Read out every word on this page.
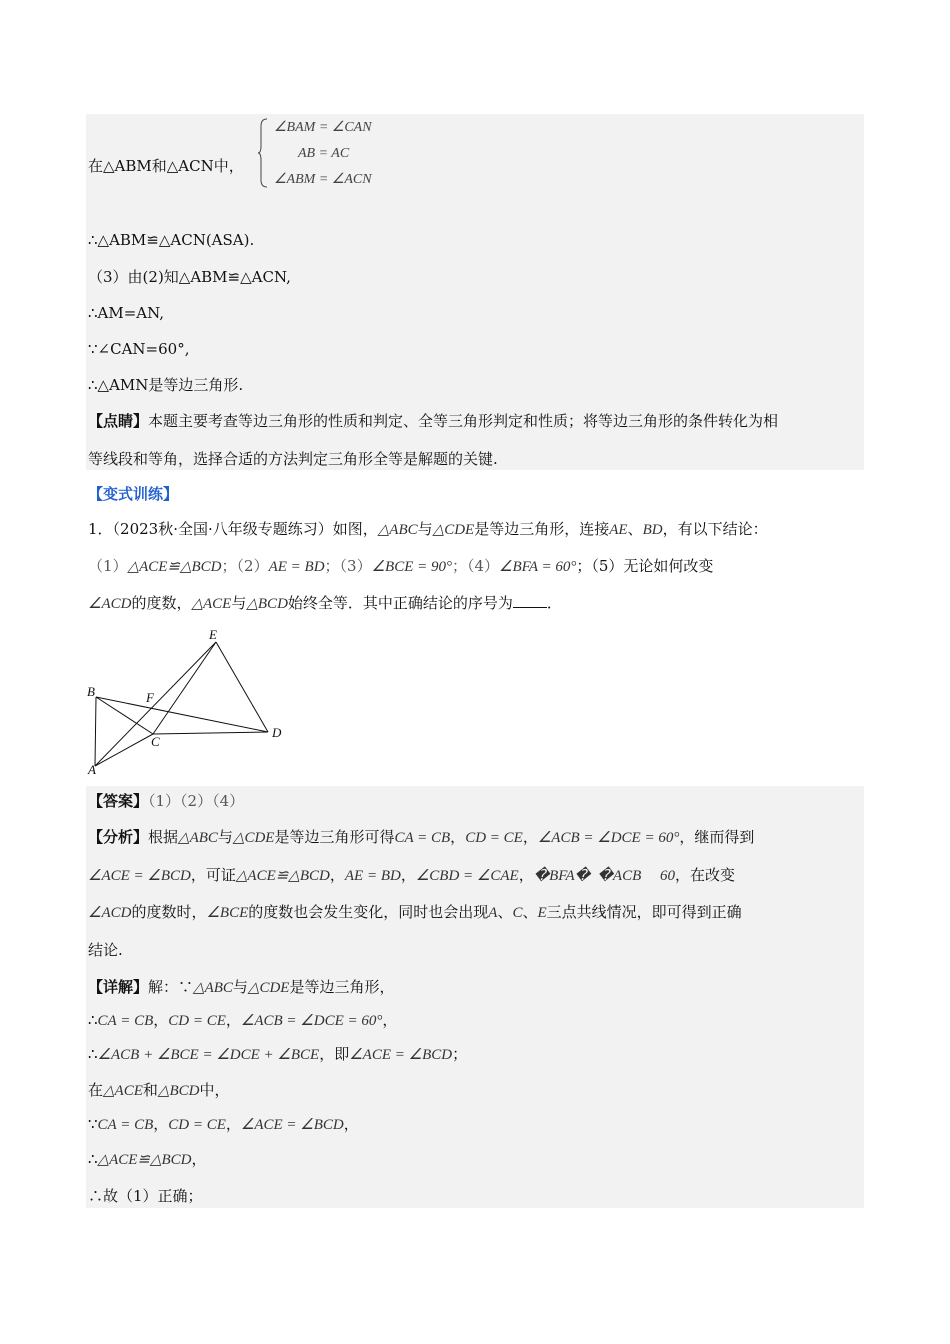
在△ABM和△ACN中，
∠BAM = ∠CAN
AB = AC
∠ABM = ∠ACN
∴△ABM≌△ACN(ASA).
（3）由(2)知△ABM≌△ACN,
∴AM=AN,
∵∠CAN=60°,
∴△AMN是等边三角形.
【点睛】本题主要考查等边三角形的性质和判定、全等三角形判定和性质；将等边三角形的条件转化为相
等线段和等角，选择合适的方法判定三角形全等是解题的关键.
【变式训练】
1．（2023秋·全国·八年级专题练习）如图，△ABC与△CDE是等边三角形，连接AE、BD，有以下结论：
（1）△ACE≌△BCD；（2）AE = BD；（3）∠BCE = 90°；（4）∠BFA = 60°；（5）无论如何改变
∠ACD的度数，△ACE与△BCD始终全等．其中正确结论的序号为 ．
E
B	F
C
D
A
【答案】（1）（2）（4）
【分析】根据△ABC与△CDE是等边三角形可得CA = CB，CD = CE，∠ACB = ∠DCE = 60°，继而得到
∠ACE = ∠BCD，可证△ACE≌△BCD，AE = BD，∠CBD = ∠CAE，�BFA�  �ACB     60，在改变
∠ACD的度数时，∠BCE的度数也会发生变化，同时也会出现A、C、E三点共线情况，即可得到正确
结论.
【详解】解：∵△ABC与△CDE是等边三角形，
∴CA = CB，CD = CE，∠ACB = ∠DCE = 60°，
∴∠ACB + ∠BCE = ∠DCE + ∠BCE，即∠ACE = ∠BCD；
在△ACE和△BCD中，
∵CA = CB，CD = CE，∠ACE = ∠BCD，
∴△ACE≌△BCD，
∴故（1）正确；
